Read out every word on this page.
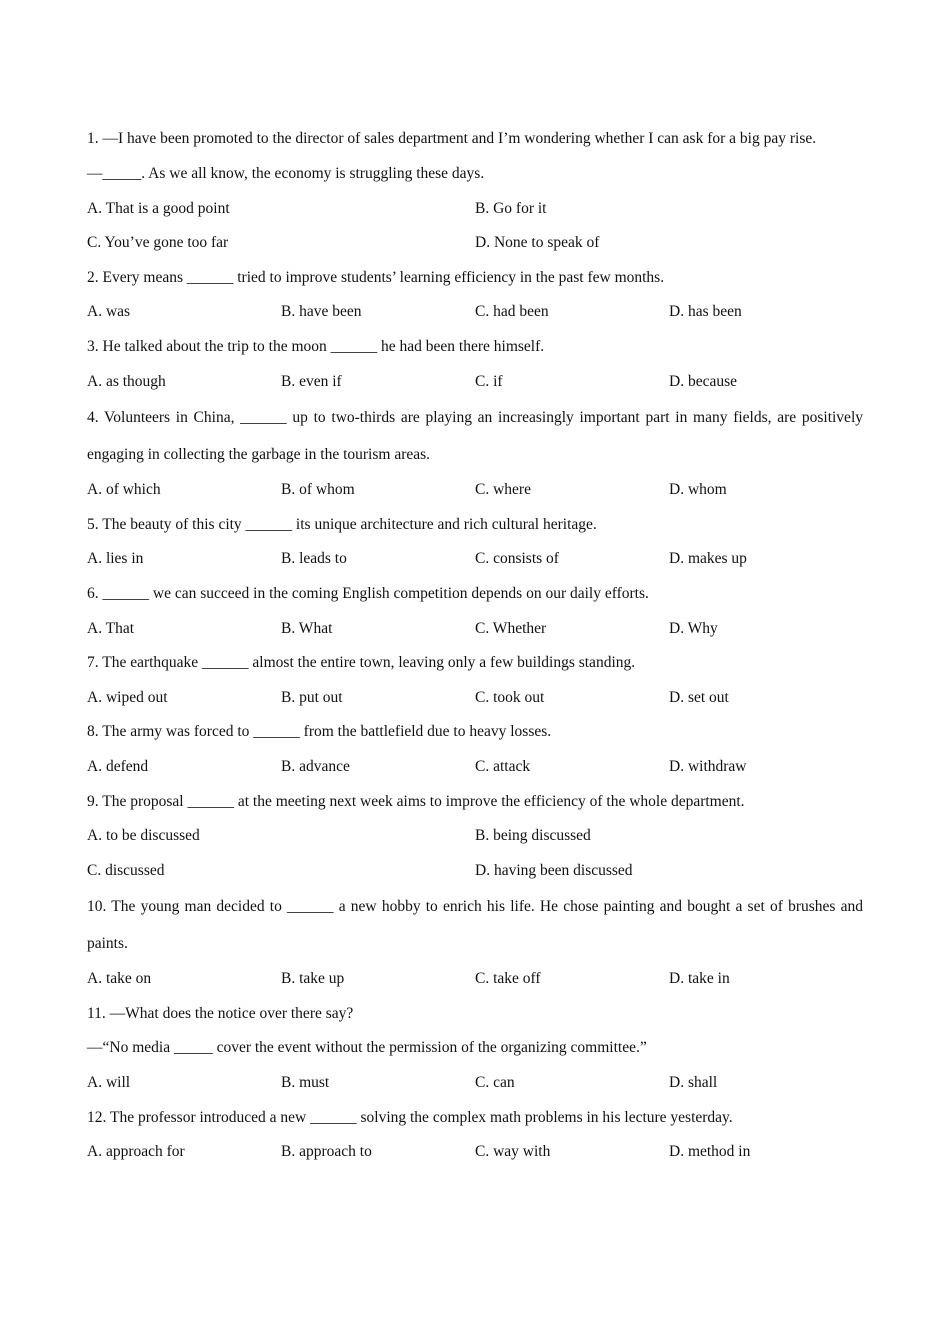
1. —I have been promoted to the director of sales department and I’m wondering whether I can ask for a big pay rise.
—_____. As we all know, the economy is struggling these days.
A. That is a good point	B. Go for it
C. You’ve gone too far	D. None to speak of
2. Every means ______ tried to improve students’ learning efficiency in the past few months.
A. was	B. have been	C. had been	D. has been
3. He talked about the trip to the moon ______ he had been there himself.
A. as though	B. even if	C. if	D. because
4. Volunteers in China, ______ up to two-thirds are playing an increasingly important part in many fields, are positively engaging in collecting the garbage in the tourism areas.
A. of which	B. of whom	C. where	D. whom
5. The beauty of this city ______ its unique architecture and rich cultural heritage.
A. lies in	B. leads to	C. consists of	D. makes up
6. ______ we can succeed in the coming English competition depends on our daily efforts.
A. That	B. What	C. Whether	D. Why
7. The earthquake ______ almost the entire town, leaving only a few buildings standing.
A. wiped out	B. put out	C. took out	D. set out
8. The army was forced to ______ from the battlefield due to heavy losses.
A. defend	B. advance	C. attack	D. withdraw
9. The proposal ______ at the meeting next week aims to improve the efficiency of the whole department.
A. to be discussed	B. being discussed
C. discussed	D. having been discussed
10. The young man decided to ______ a new hobby to enrich his life. He chose painting and bought a set of brushes and paints.
A. take on	B. take up	C. take off	D. take in
11. —What does the notice over there say?
—“No media _____ cover the event without the permission of the organizing committee.”
A. will	B. must	C. can	D. shall
12. The professor introduced a new ______ solving the complex math problems in his lecture yesterday.
A. approach for	B. approach to	C. way with	D. method in
